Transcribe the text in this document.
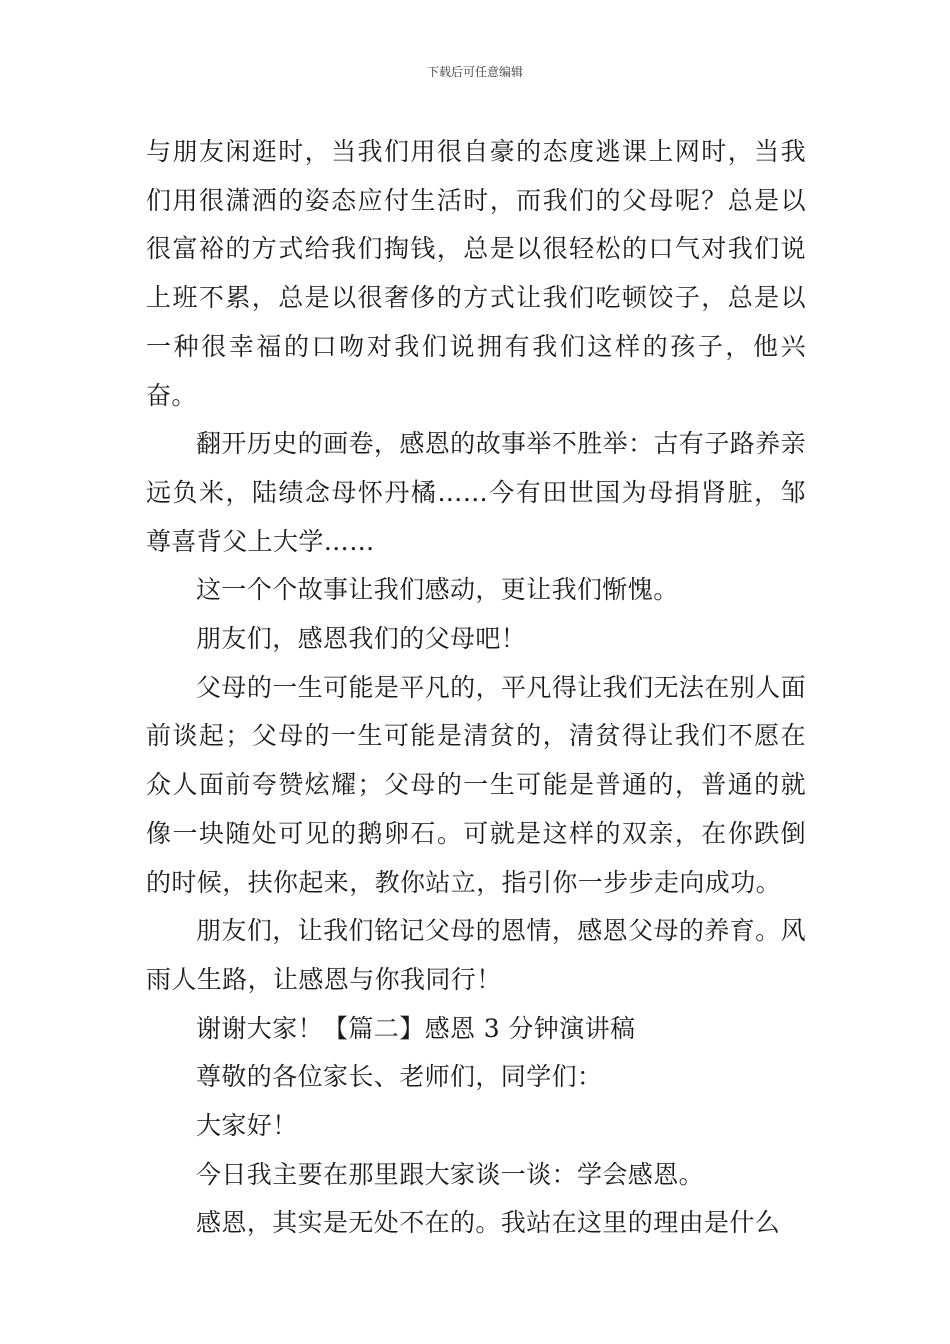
下载后可任意编辑

与朋友闲逛时，当我们用很自豪的态度逃课上网时，当我们用很潇洒的姿态应付生活时，而我们的父母呢？总是以很富裕的方式给我们掏钱，总是以很轻松的口气对我们说上班不累，总是以很奢侈的方式让我们吃顿饺子，总是以一种很幸福的口吻对我们说拥有我们这样的孩子，他兴奋。

翻开历史的画卷，感恩的故事举不胜举：古有子路养亲远负米，陆绩念母怀丹橘……今有田世国为母捐肾脏，邹尊喜背父上大学……

这一个个故事让我们感动，更让我们惭愧。

朋友们，感恩我们的父母吧！

父母的一生可能是平凡的，平凡得让我们无法在别人面前谈起；父母的一生可能是清贫的，清贫得让我们不愿在众人面前夸赞炫耀；父母的一生可能是普通的，普通的就像一块随处可见的鹅卵石。可就是这样的双亲，在你跌倒的时候，扶你起来，教你站立，指引你一步步走向成功。

朋友们，让我们铭记父母的恩情，感恩父母的养育。风雨人生路，让感恩与你我同行！

谢谢大家！【篇二】感恩 3 分钟演讲稿

尊敬的各位家长、老师们，同学们：

大家好！

今日我主要在那里跟大家谈一谈：学会感恩。

感恩，其实是无处不在的。我站在这里的理由是什么
